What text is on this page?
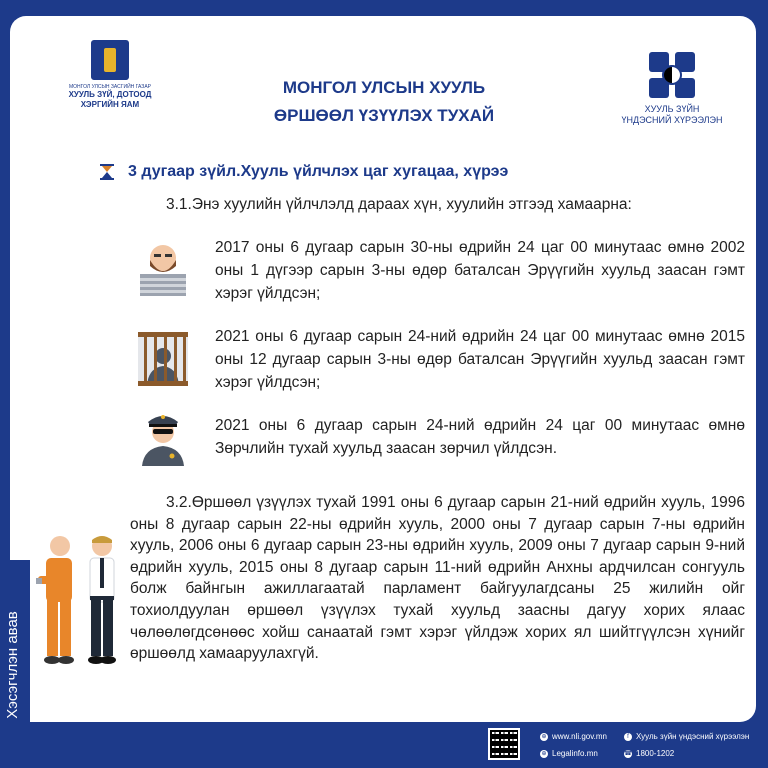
МОНГОЛ УЛСЫН ЗАСГИЙН ГАЗАР
ХУУЛЬ ЗҮЙ, ДОТООД
ХЭРГИЙН ЯАМ
МОНГОЛ УЛСЫН ХУУЛЬ
ӨРШӨӨЛ ҮЗҮҮЛЭХ ТУХАЙ	ХУУЛЬ ЗҮЙН
ҮНДЭСНИЙ ХҮРЭЭЛЭН
3 дугаар зүйл.Хууль үйлчлэх цаг хугацаа, хүрээ
3.1.Энэ хуулийн үйлчлэлд дараах хүн, хуулийн этгээд хамаарна:
2017 оны 6 дугаар сарын 30-ны өдрийн 24 цаг 00 минутаас өмнө 2002 оны 1 дүгээр сарын 3-ны өдөр баталсан Эрүүгийн хуульд заасан гэмт хэрэг үйлдсэн;
2021 оны 6 дугаар сарын 24-ний өдрийн 24 цаг 00 минутаас өмнө 2015 оны 12 дугаар сарын 3-ны өдөр баталсан Эрүүгийн хуульд заасан гэмт хэрэг үйлдсэн;
2021 оны 6 дугаар сарын 24-ний өдрийн 24 цаг 00 минутаас өмнө Зөрчлийн тухай хуульд заасан зөрчил үйлдсэн.
3.2.Өршөөл үзүүлэх тухай 1991 оны 6 дугаар сарын 21-ний өдрийн хууль, 1996 оны 8 дугаар сарын 22-ны өдрийн хууль, 2000 оны 7 дугаар сарын 7-ны өдрийн хууль, 2006 оны 6 дугаар сарын 23-ны өдрийн хууль, 2009 оны 7 дугаар сарын 9-ний өдрийн хууль, 2015 оны 8 дугаар сарын 11-ний өдрийн Анхны ардчилсан сонгууль болж байнгын ажиллагаатай парламент байгуулагдсаны 25 жилийн ойг тохиолдуулан өршөөл үзүүлэх тухай хуульд заасны дагуу хорих ялаас чөлөөлөгдсөнөөс хойш санаатай гэмт хэрэг үйлдэж хорих ял шийтгүүлсэн хүнийг өршөөлд хамааруулахгүй.
Хэсэгчлэн авав
⊕ www.nli.gov.mn
⊕ Legalinfo.mn
f Хууль зүйн үндэсний хүрээлэн
☎ 1800-1202
